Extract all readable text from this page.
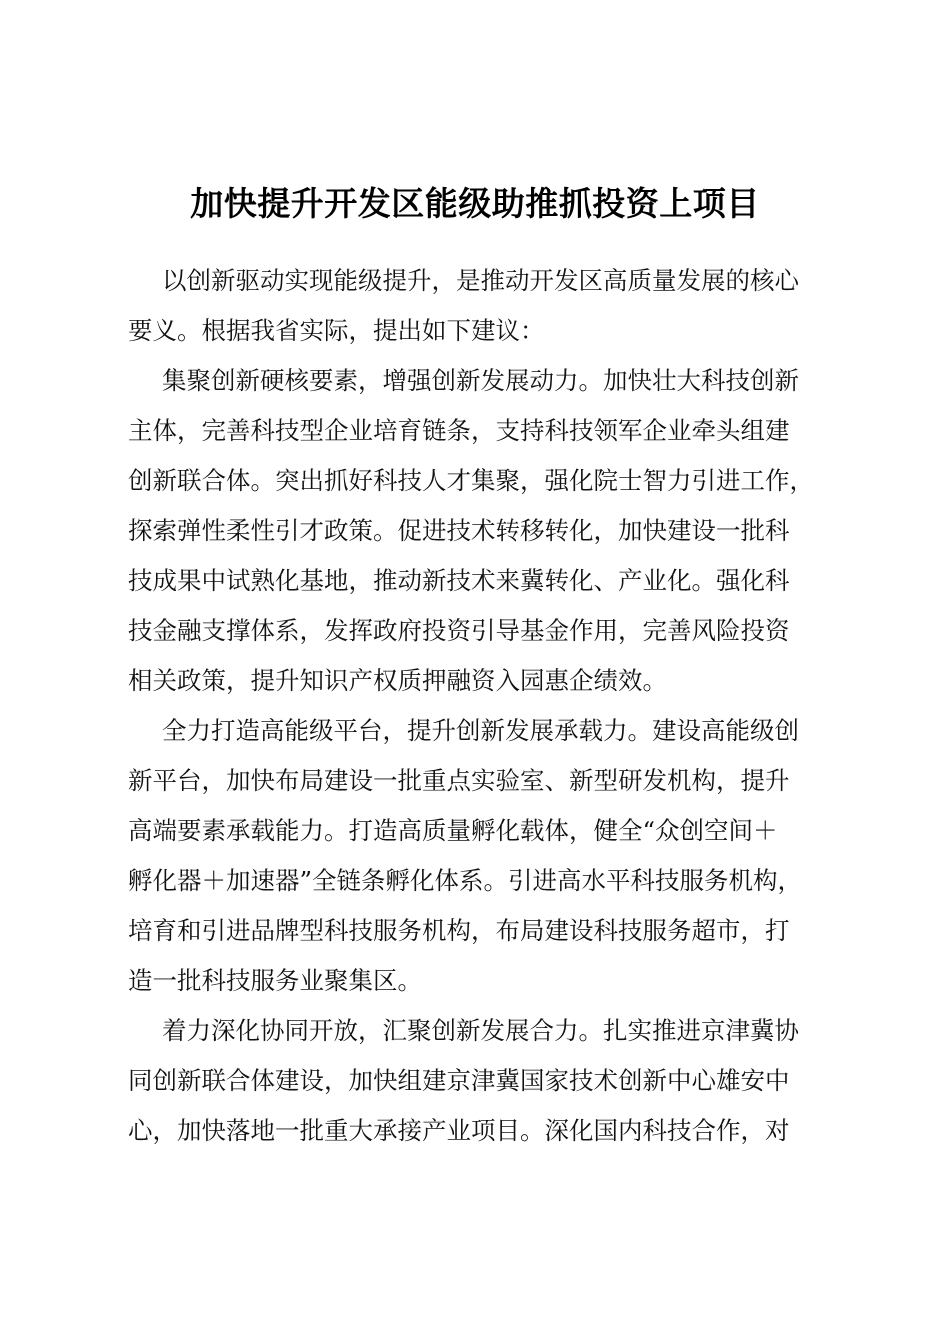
加快提升开发区能级助推抓投资上项目
以创新驱动实现能级提升，是推动开发区高质量发展的核心
要义。根据我省实际，提出如下建议：
集聚创新硬核要素，增强创新发展动力。加快壮大科技创新
主体，完善科技型企业培育链条，支持科技领军企业牵头组建
创新联合体。突出抓好科技人才集聚，强化院士智力引进工作，
探索弹性柔性引才政策。促进技术转移转化，加快建设一批科
技成果中试熟化基地，推动新技术来冀转化、产业化。强化科
技金融支撑体系，发挥政府投资引导基金作用，完善风险投资
相关政策，提升知识产权质押融资入园惠企绩效。
全力打造高能级平台，提升创新发展承载力。建设高能级创
新平台，加快布局建设一批重点实验室、新型研发机构，提升
高端要素承载能力。打造高质量孵化载体，健全“众创空间＋
孵化器＋加速器”全链条孵化体系。引进高水平科技服务机构，
培育和引进品牌型科技服务机构，布局建设科技服务超市，打
造一批科技服务业聚集区。
着力深化协同开放，汇聚创新发展合力。扎实推进京津冀协
同创新联合体建设，加快组建京津冀国家技术创新中心雄安中
心，加快落地一批重大承接产业项目。深化国内科技合作，对
